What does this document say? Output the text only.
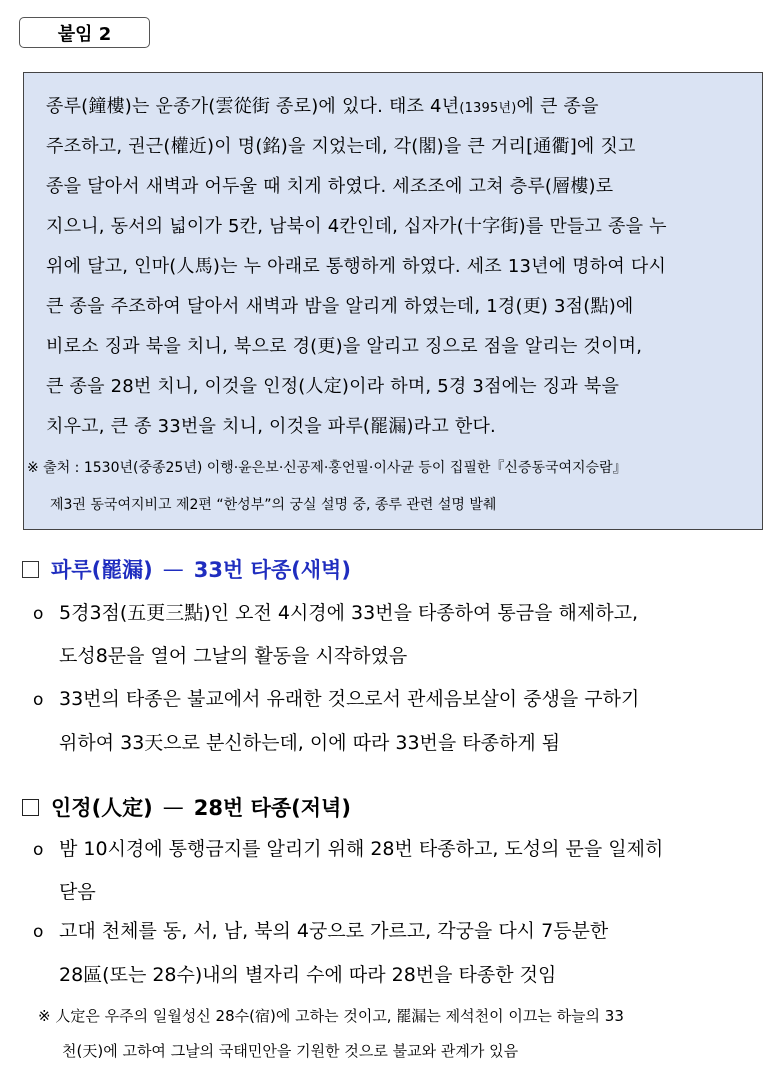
붙임 2
종루(鐘樓)는 운종가(雲從街 종로)에 있다. 태조 4년(1395년)에 큰 종을
주조하고, 권근(權近)이 명(銘)을 지었는데, 각(閣)을 큰 거리[通衢]에 짓고
종을 달아서 새벽과 어두울 때 치게 하였다. 세조조에 고쳐 층루(層樓)로
지으니, 동서의 넓이가 5칸, 남북이 4칸인데, 십자가(十字街)를 만들고 종을 누
위에 달고, 인마(人馬)는 누 아래로 통행하게 하였다. 세조 13년에 명하여 다시
큰 종을 주조하여 달아서 새벽과 밤을 알리게 하였는데, 1경(更) 3점(點)에
비로소 징과 북을 치니, 북으로 경(更)을 알리고 징으로 점을 알리는 것이며,
큰 종을 28번 치니, 이것을 인정(人定)이라 하며, 5경 3점에는 징과 북을
치우고, 큰 종 33번을 치니, 이것을 파루(罷漏)라고 한다.
※ 출처 : 1530년(중종25년) 이행·윤은보·신공제·홍언필·이사균 등이 집필한『신증동국여지승람』
제3권 동국여지비고 제2편 “한성부”의 궁실 설명 중, 종루 관련 설명 발췌
파루(罷漏) — 33번 타종(새벽)
o 5경3점(五更三點)인 오전 4시경에 33번을 타종하여 통금을 해제하고,
도성8문을 열어 그날의 활동을 시작하였음
o 33번의 타종은 불교에서 유래한 것으로서 관세음보살이 중생을 구하기
위하여 33天으로 분신하는데, 이에 따라 33번을 타종하게 됨
인정(人定) — 28번 타종(저녁)
o 밤 10시경에 통행금지를 알리기 위해 28번 타종하고, 도성의 문을 일제히
닫음
o 고대 천체를 동, 서, 남, 북의 4궁으로 가르고, 각궁을 다시 7등분한
28區(또는 28수)내의 별자리 수에 따라 28번을 타종한 것임
※ 人定은 우주의 일월성신 28수(宿)에 고하는 것이고, 罷漏는 제석천이 이끄는 하늘의 33
천(天)에 고하여 그날의 국태민안을 기원한 것으로 불교와 관계가 있음
